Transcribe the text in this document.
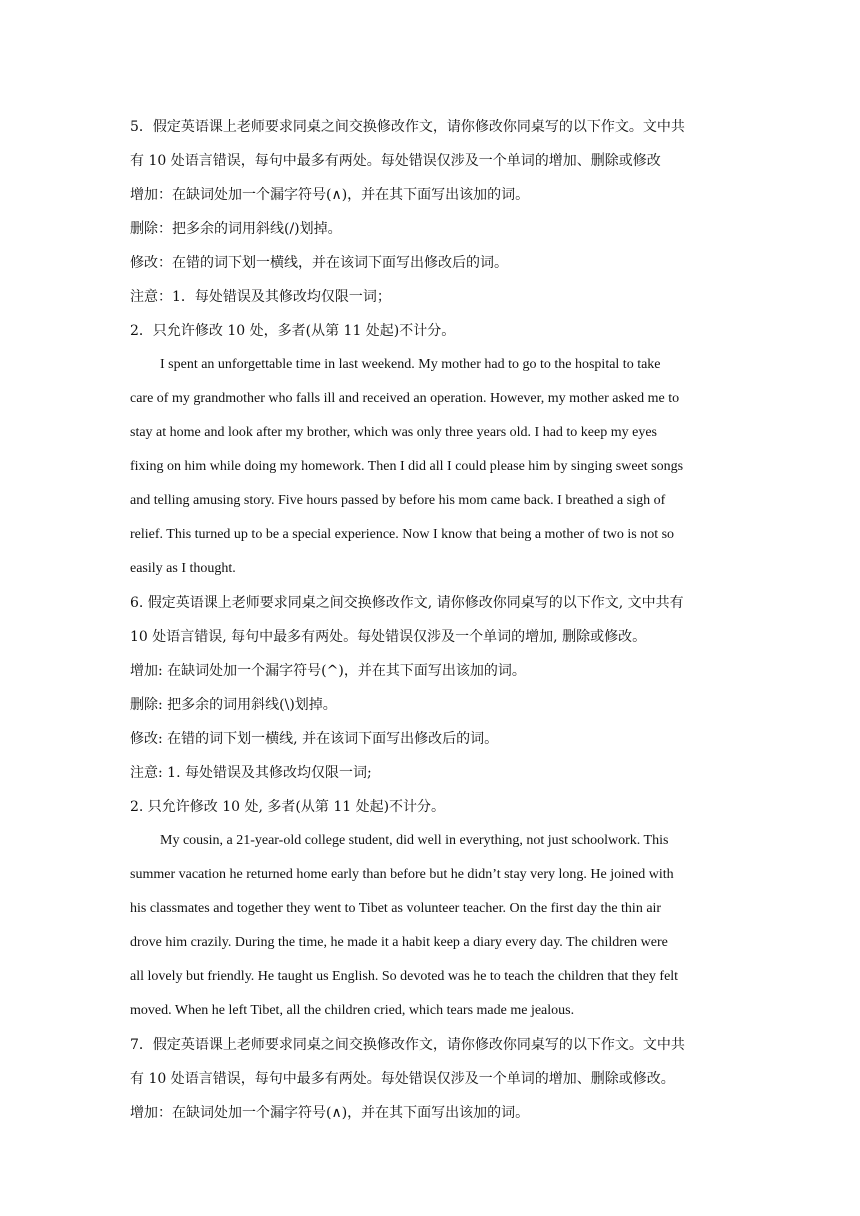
5．假定英语课上老师要求同桌之间交换修改作文，请你修改你同桌写的以下作文。文中共
有 10 处语言错误，每句中最多有两处。每处错误仅涉及一个单词的增加、删除或修改
增加：在缺词处加一个漏字符号(∧)，并在其下面写出该加的词。
删除：把多余的词用斜线(/)划掉。
修改：在错的词下划一横线，并在该词下面写出修改后的词。
注意：1．每处错误及其修改均仅限一词；
2．只允许修改 10 处，多者(从第 11 处起)不计分。
I spent an unforgettable time in last weekend. My mother had to go to the hospital to take
care of my grandmother who falls ill and received an operation. However, my mother asked me to
stay at home and look after my brother, which was only three years old. I had to keep my eyes
fixing on him while doing my homework. Then I did all I could please him by singing sweet songs
and telling amusing story. Five hours passed by before his mom came back. I breathed a sigh of
relief. This turned up to be a special experience. Now I know that being a mother of two is not so
easily as I thought.
6. 假定英语课上老师要求同桌之间交换修改作文, 请你修改你同桌写的以下作文, 文中共有
10 处语言错误, 每句中最多有两处。每处错误仅涉及一个单词的增加, 删除或修改。
增加: 在缺词处加一个漏字符号(^)，并在其下面写出该加的词。
删除: 把多余的词用斜线(\)划掉。
修改: 在错的词下划一横线, 并在该词下面写出修改后的词。
注意: 1. 每处错误及其修改均仅限一词;
2. 只允许修改 10 处, 多者(从第 11 处起)不计分。
My cousin, a 21-year-old college student, did well in everything, not just schoolwork. This
summer vacation he returned home early than before but he didn’t stay very long. He joined with
his classmates and together they went to Tibet as volunteer teacher. On the first day the thin air
drove him crazily. During the time, he made it a habit keep a diary every day. The children were
all lovely but friendly. He taught us English. So devoted was he to teach the children that they felt
moved. When he left Tibet, all the children cried, which tears made me jealous.
7．假定英语课上老师要求同桌之间交换修改作文，请你修改你同桌写的以下作文。文中共
有 10 处语言错误，每句中最多有两处。每处错误仅涉及一个单词的增加、删除或修改。
增加：在缺词处加一个漏字符号(∧)，并在其下面写出该加的词。
